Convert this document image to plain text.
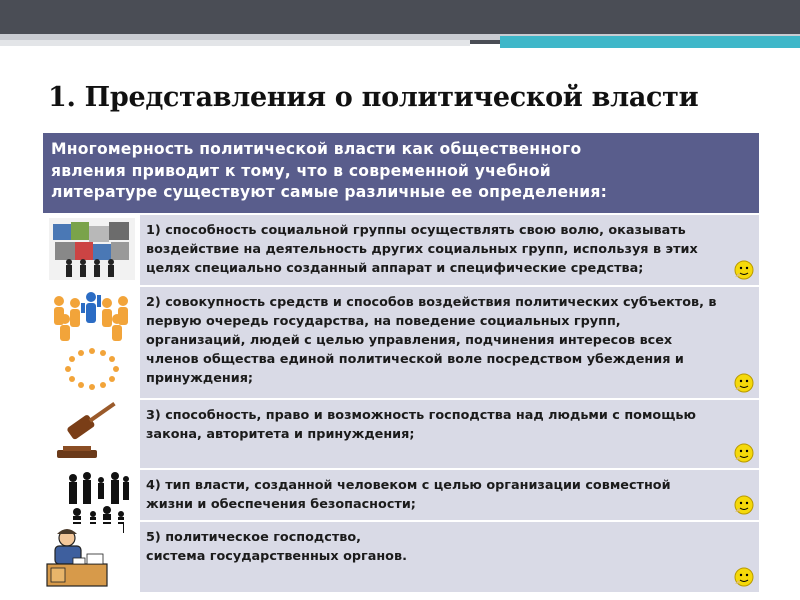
1. Представления о политической власти
Многомерность политической власти как общественного
явления приводит к тому, что в современной учебной
литературе существуют самые различные ее определения:
1) способность социальной группы осуществлять свою волю, оказывать
воздействие на деятельность других социальных групп, используя в этих
целях специально созданный аппарат и специфические средства;
2) совокупность средств и способов воздействия политических субъектов, в
первую очередь государства, на поведение социальных групп,
организаций, людей с целью управления, подчинения интересов всех
членов общества единой политической воле посредством убеждения и
принуждения;
3) способность, право и возможность господства над людьми с помощью
закона, авторитета и принуждения;
4) тип власти, созданной человеком с целью организации совместной
жизни и обеспечения безопасности;
5) политическое господство,
система государственных органов.
